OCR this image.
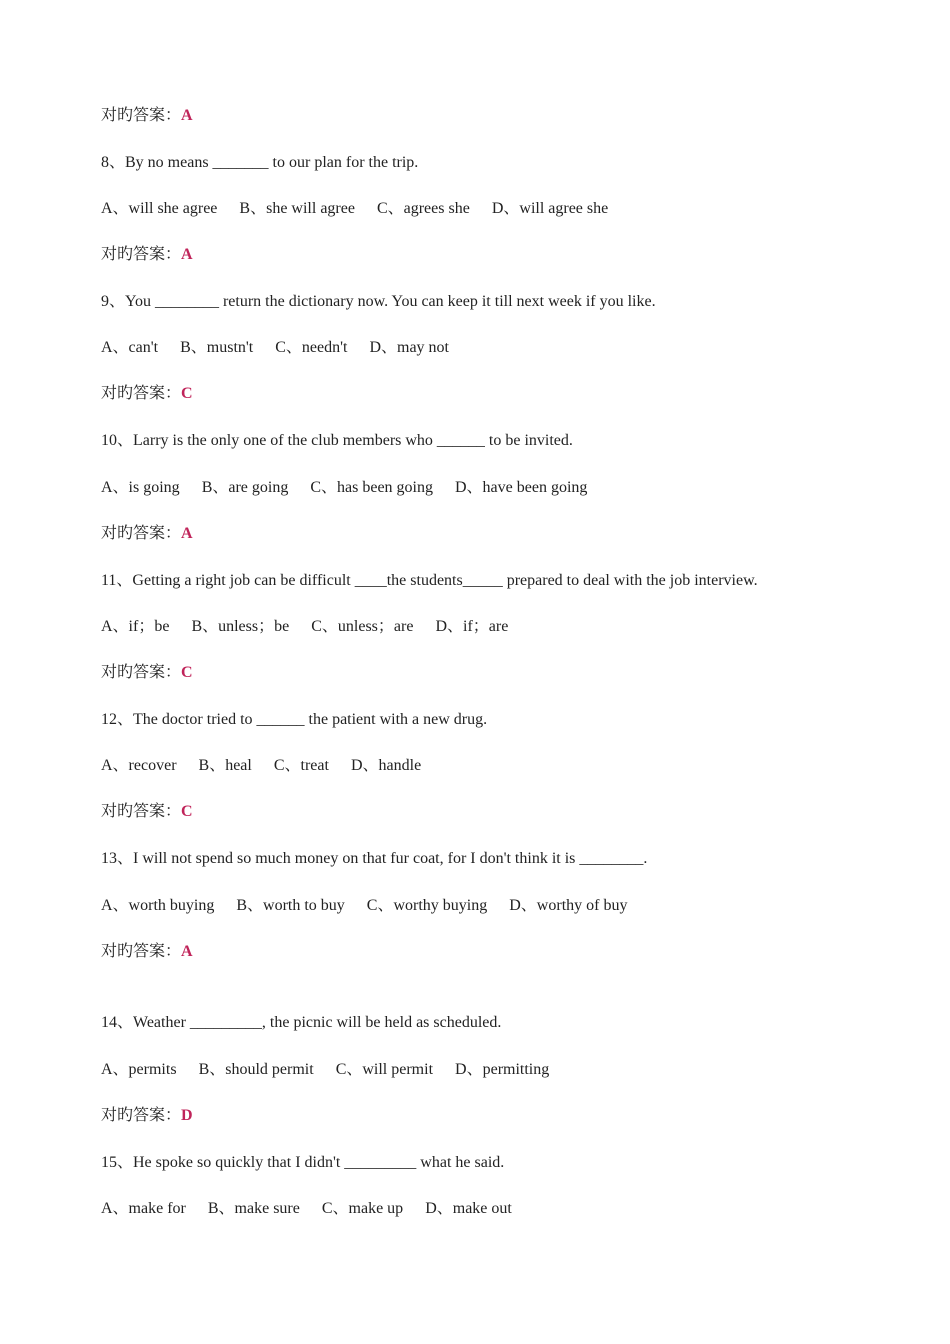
对旳答案：A
8、By no means _______ to our plan for the trip.
A、will she agree B、she will agree C、agrees she D、will agree she
对旳答案：A
9、You ________ return the dictionary now. You can keep it till next week if you like.
A、can't B、mustn't C、needn't D、may not
对旳答案：C
10、Larry is the only one of the club members who ______ to be invited.
A、is going B、are going C、has been going D、have been going
对旳答案：A
11、Getting a right job can be difficult ____the students_____ prepared to deal with the job interview.
A、if；be B、unless；be C、unless；are D、if；are
对旳答案：C
12、The doctor tried to ______ the patient with a new drug.
A、recover B、heal C、treat D、handle
对旳答案：C
13、I will not spend so much money on that fur coat, for I don't think it is ________.
A、worth buying B、worth to buy C、worthy buying D、worthy of buy
对旳答案：A
14、Weather _________, the picnic will be held as scheduled.
A、permits B、should permit C、will permit D、permitting
对旳答案：D
15、He spoke so quickly that I didn't _________ what he said.
A、make for B、make sure C、make up D、make out
